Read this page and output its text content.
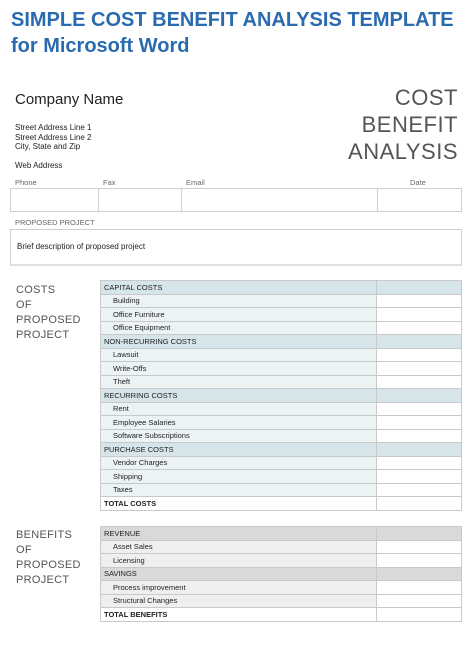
SIMPLE COST BENEFIT ANALYSIS TEMPLATE for Microsoft Word
Company Name
Street Address Line 1
Street Address Line 2
City, State and Zip
Web Address
COST
BENEFIT
ANALYSIS
Phone	Fax	Email	Date
PROPOSED PROJECT
Brief description of proposed project
COSTS
OF
PROPOSED
PROJECT
CAPITAL COSTS	
Building	
Office Furniture	
Office Equipment	
NON-RECURRING COSTS	
Lawsuit	
Write-Offs	
Theft	
RECURRING COSTS	
Rent	
Employee Salaries	
Software Subscriptions	
PURCHASE COSTS	
Vendor Charges	
Shipping	
Taxes	
TOTAL COSTS	
BENEFITS
OF
PROPOSED
PROJECT
REVENUE	
Asset Sales	
Licensing	
SAVINGS	
Process improvement	
Structural Changes	
TOTAL BENEFITS	
